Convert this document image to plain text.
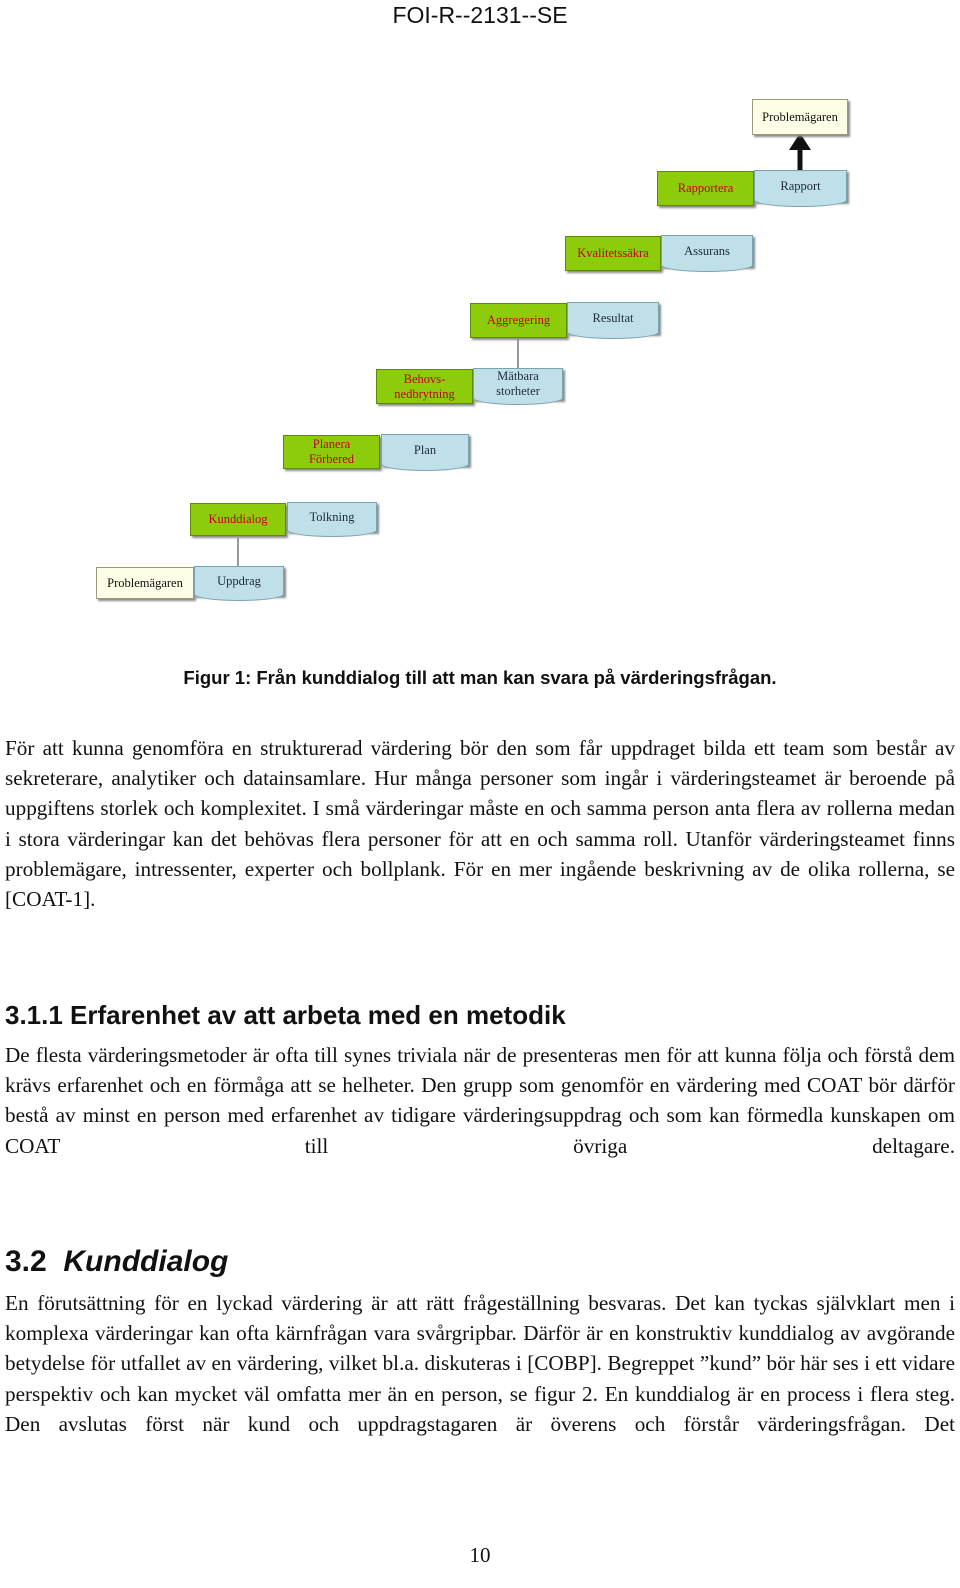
FOI-R--2131--SE
Problemägaren	Uppdrag
Kunddialog	Tolkning
Planera
Förbered
Plan
Behovs-
nedbrytning
Mätbara
storheter
Aggregering	Resultat
Kvalitetssäkra	Assurans
Rapportera	Rapport
Problemägaren
Figur 1: Från kunddialog till att man kan svara på värderingsfrågan.

För att kunna genomföra en strukturerad värdering bör den som får uppdraget bilda ett team som består av sekreterare, analytiker och datainsamlare. Hur många personer som ingår i värderingsteamet är beroende på uppgiftens storlek och komplexitet. I små värderingar måste en och samma person anta flera av rollerna medan i stora värderingar kan det behövas flera personer för att en och samma roll. Utanför värderingsteamet finns problemägare, intressenter, experter och bollplank. För en mer ingående beskrivning av de olika rollerna, se [COAT-1].

3.1.1 Erfarenhet av att arbeta med en metodik

De flesta värderingsmetoder är ofta till synes triviala när de presenteras men för att kunna följa och förstå dem krävs erfarenhet och en förmåga att se helheter. Den grupp som genomför en värdering med COAT bör därför bestå av minst en person med erfarenhet av tidigare värderingsuppdrag och som kan förmedla kunskapen om COAT till övriga deltagare.

3.2 Kunddialog

En förutsättning för en lyckad värdering är att rätt frågeställning besvaras. Det kan tyckas självklart men i komplexa värderingar kan ofta kärnfrågan vara svårgripbar. Därför är en konstruktiv kunddialog av avgörande betydelse för utfallet av en värdering, vilket bl.a. diskuteras i [COBP]. Begreppet ”kund” bör här ses i ett vidare perspektiv och kan mycket väl omfatta mer än en person, se figur 2. En kunddialog är en process i flera steg. Den avslutas först när kund och uppdragstagaren är överens och förstår värderingsfrågan. Det

10
